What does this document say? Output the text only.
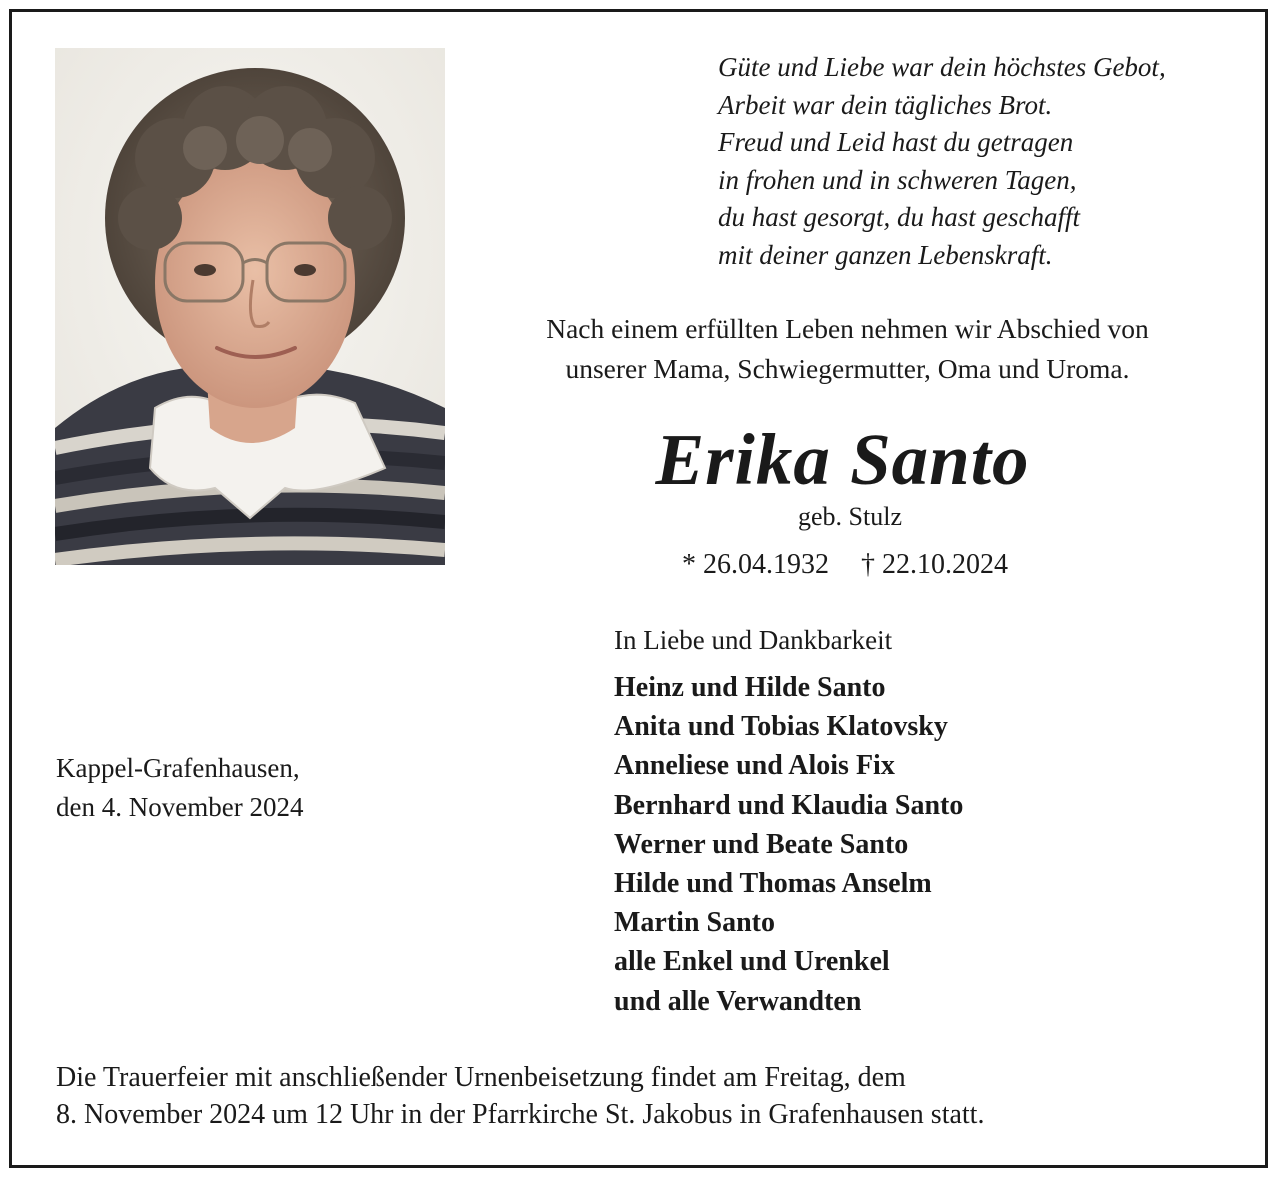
Güte und Liebe war dein höchstes Gebot,
Arbeit war dein tägliches Brot.
Freud und Leid hast du getragen
in frohen und in schweren Tagen,
du hast gesorgt, du hast geschafft
mit deiner ganzen Lebenskraft.
Nach einem erfüllten Leben nehmen wir Abschied von
unserer Mama, Schwiegermutter, Oma und Uroma.
Erika Santo
geb. Stulz
* 26.04.1932 † 22.10.2024
In Liebe und Dankbarkeit
Heinz und Hilde Santo
Anita und Tobias Klatovsky
Anneliese und Alois Fix
Bernhard und Klaudia Santo
Werner und Beate Santo
Hilde und Thomas Anselm
Martin Santo
alle Enkel und Urenkel
und alle Verwandten
Kappel-Grafenhausen,
den 4. November 2024
Die Trauerfeier mit anschließender Urnenbeisetzung findet am Freitag, dem
8. November 2024 um 12 Uhr in der Pfarrkirche St. Jakobus in Grafenhausen statt.
